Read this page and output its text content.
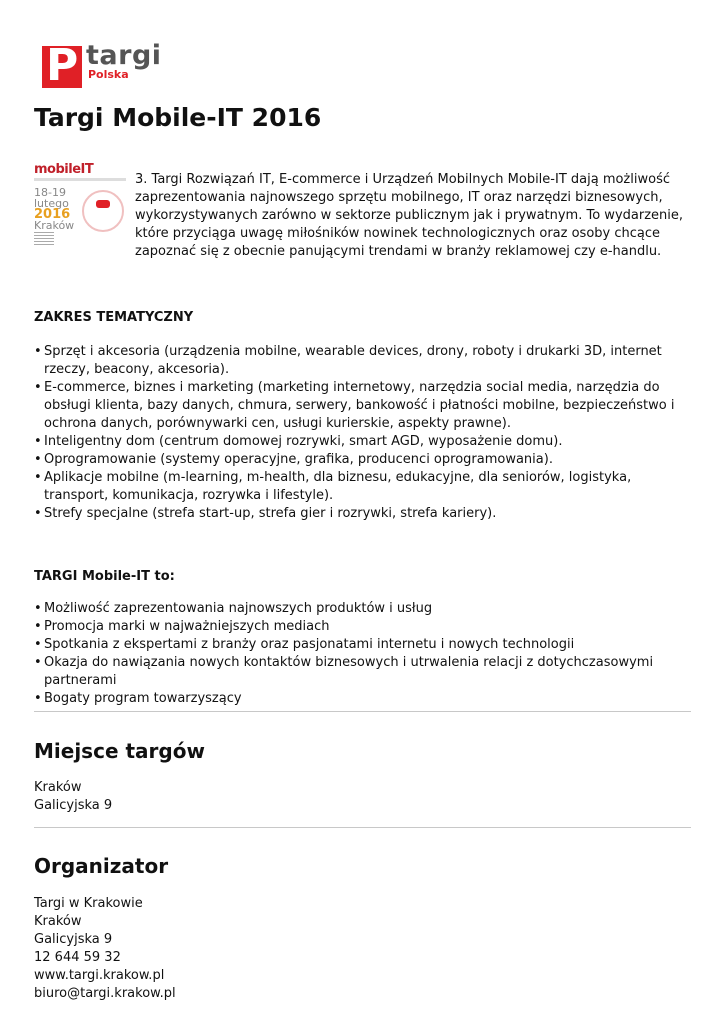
P targi
Polska
Targi Mobile-IT 2016
mobileIT
18-19
lutego
2016
Kraków

3. Targi Rozwiązań IT, E-commerce i Urządzeń Mobilnych Mobile-IT dają możliwość zaprezentowania najnowszego sprzętu mobilnego, IT oraz narzędzi biznesowych, wykorzystywanych zarówno w sektorze publicznym jak i prywatnym. To wydarzenie, które przyciąga uwagę miłośników nowinek technologicznych oraz osoby chcące zapoznać się z obecnie panującymi trendami w branży reklamowej czy e-handlu.

ZAKRES TEMATYCZNY
• Sprzęt i akcesoria (urządzenia mobilne, wearable devices, drony, roboty i drukarki 3D, internet rzeczy, beacony, akcesoria).
• E-commerce, biznes i marketing (marketing internetowy, narzędzia social media, narzędzia do obsługi klienta, bazy danych, chmura, serwery, bankowość i płatności mobilne, bezpieczeństwo i ochrona danych, porównywarki cen, usługi kurierskie, aspekty prawne).
• Inteligentny dom (centrum domowej rozrywki, smart AGD, wyposażenie domu).
• Oprogramowanie (systemy operacyjne, grafika, producenci oprogramowania).
• Aplikacje mobilne (m-learning, m-health, dla biznesu, edukacyjne, dla seniorów, logistyka, transport, komunikacja, rozrywka i lifestyle).
• Strefy specjalne (strefa start-up, strefa gier i rozrywki, strefa kariery).
TARGI Mobile-IT to:
• Możliwość zaprezentowania najnowszych produktów i usług
• Promocja marki w najważniejszych mediach
• Spotkania z ekspertami z branży oraz pasjonatami internetu i nowych technologii
• Okazja do nawiązania nowych kontaktów biznesowych i utrwalenia relacji z dotychczasowymi partnerami
• Bogaty program towarzyszący
Miejsce targów
Kraków
Galicyjska 9
Organizator
Targi w Krakowie
Kraków
Galicyjska 9
12 644 59 32
www.targi.krakow.pl
biuro@targi.krakow.pl
